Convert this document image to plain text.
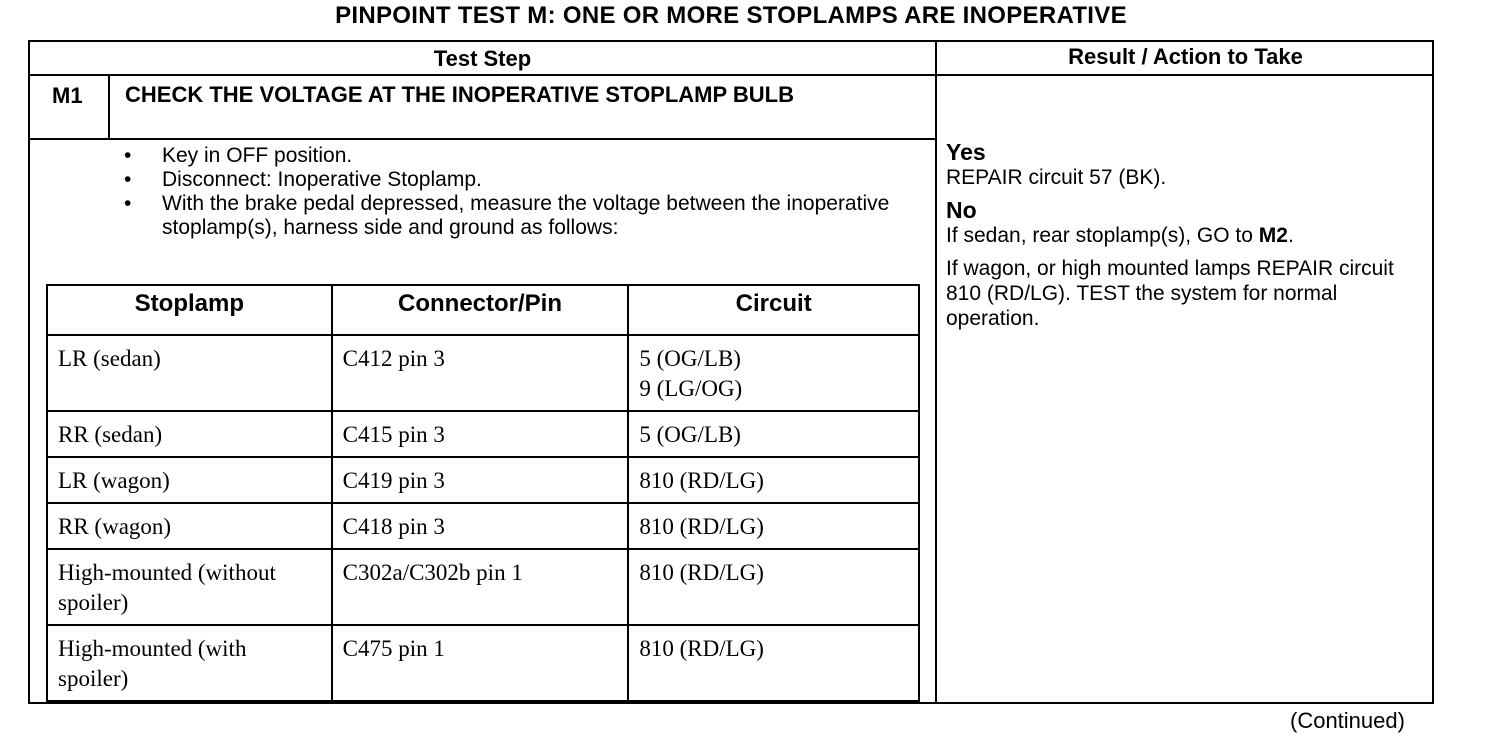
PINPOINT TEST M: ONE OR MORE STOPLAMPS ARE INOPERATIVE
Test Step	Result / Action to Take
M1	CHECK THE VOLTAGE AT THE INOPERATIVE STOPLAMP BULB
• Key in OFF position.
• Disconnect: Inoperative Stoplamp.
• With the brake pedal depressed, measure the voltage between the inoperative stoplamp(s), harness side and ground as follows:
Stoplamp	Connector/Pin	Circuit
LR (sedan)	C412 pin 3	5 (OG/LB)
9 (LG/OG)

RR (sedan)	C415 pin 3	5 (OG/LB)

LR (wagon)	C419 pin 3	810 (RD/LG)

RR (wagon)	C418 pin 3	810 (RD/LG)

High-mounted (without spoiler)	C302a/C302b pin 1	810 (RD/LG)

High-mounted (with spoiler)	C475 pin 1	810 (RD/LG)

Yes

REPAIR circuit 57 (BK).

No

If sedan, rear stoplamp(s), GO to M2.

If wagon, or high mounted lamps REPAIR circuit 810 (RD/LG). TEST the system for normal operation.

(Continued)
